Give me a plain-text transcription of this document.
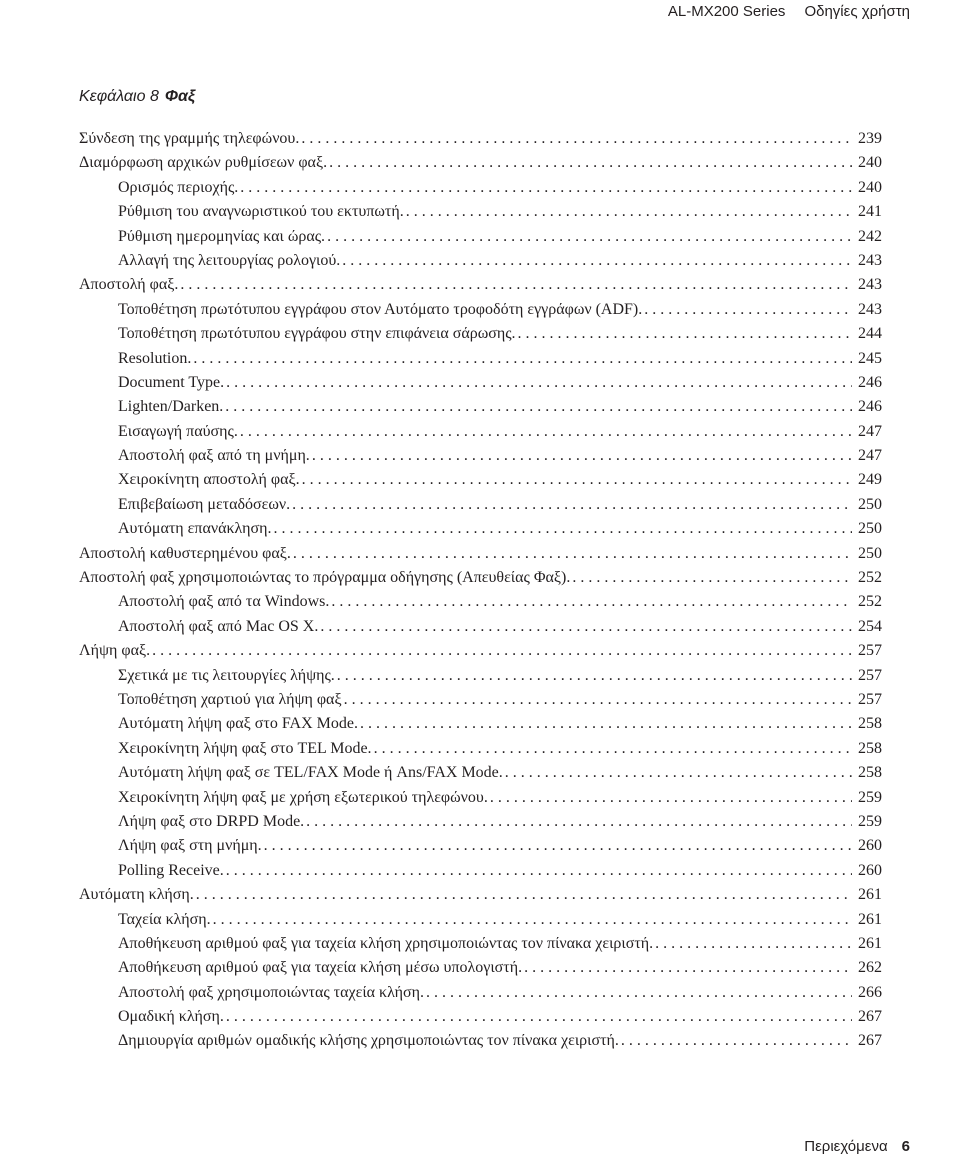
AL-MX200 Series Οδηγίες χρήστη
Κεφάλαιο 8 Φαξ
Σύνδεση της γραμμής τηλεφώνου. . . .	239
Διαμόρφωση αρχικών ρυθμίσεων φαξ. . . .	240
Ορισμός περιοχής. . . .	240
Ρύθμιση του αναγνωριστικού του εκτυπωτή. . . .	241
Ρύθμιση ημερομηνίας και ώρας. . . .	242
Αλλαγή της λειτουργίας ρολογιού. . . .	243
Αποστολή φαξ. . . .	243
Τοποθέτηση πρωτότυπου εγγράφου στον Αυτόματο τροφοδότη εγγράφων (ADF). . . .	243
Τοποθέτηση πρωτότυπου εγγράφου στην επιφάνεια σάρωσης. . . .	244
Resolution. . . .	245
Document Type. . . .	246
Lighten/Darken. . . .	246
Εισαγωγή παύσης. . . .	247
Αποστολή φαξ από τη μνήμη. . . .	247
Χειροκίνητη αποστολή φαξ. . . .	249
Επιβεβαίωση μεταδόσεων. . . .	250
Αυτόματη επανάκληση. . . .	250
Αποστολή καθυστερημένου φαξ. . . .	250
Αποστολή φαξ χρησιμοποιώντας το πρόγραμμα οδήγησης (Απευθείας Φαξ). . . .	252
Αποστολή φαξ από τα Windows. . . .	252
Αποστολή φαξ από Mac OS X. . . .	254
Λήψη φαξ. . . .	257
Σχετικά με τις λειτουργίες λήψης. . . .	257
Τοποθέτηση χαρτιού για λήψη φαξ . . .	257
Αυτόματη λήψη φαξ στο FAX Mode. . . .	258
Χειροκίνητη λήψη φαξ στο TEL Mode. . . .	258
Αυτόματη λήψη φαξ σε TEL/FAX Mode ή Ans/FAX Mode. . . .	258
Χειροκίνητη λήψη φαξ με χρήση εξωτερικού τηλεφώνου. . . .	259
Λήψη φαξ στο DRPD Mode. . . .	259
Λήψη φαξ στη μνήμη. . . .	260
Polling Receive. . . .	260
Αυτόματη κλήση. . . .	261
Ταχεία κλήση. . . .	261
Αποθήκευση αριθμού φαξ για ταχεία κλήση χρησιμοποιώντας τον πίνακα χειριστή. . . .	261
Αποθήκευση αριθμού φαξ για ταχεία κλήση μέσω υπολογιστή. . . .	262
Αποστολή φαξ χρησιμοποιώντας ταχεία κλήση. . . .	266
Ομαδική κλήση. . . .	267
Δημιουργία αριθμών ομαδικής κλήσης χρησιμοποιώντας τον πίνακα χειριστή. . . .	267
Περιεχόμενα 6
